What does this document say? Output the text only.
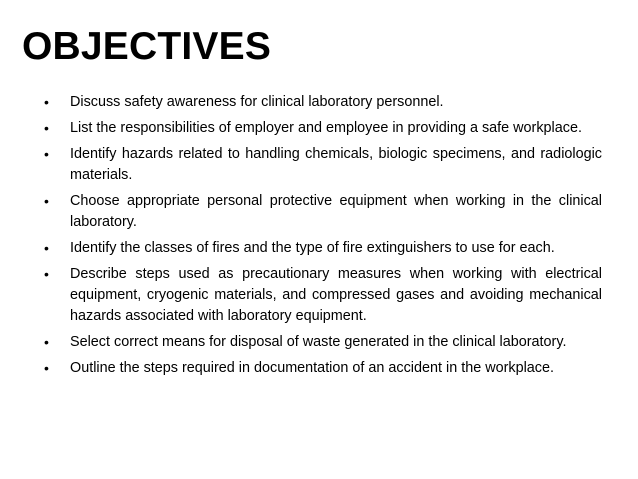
OBJECTIVES
•	Discuss safety awareness for clinical laboratory personnel.
•	List the responsibilities of employer and employee in providing a safe workplace.
•	Identify hazards related to handling chemicals, biologic specimens, and radiologic materials.
•	Choose appropriate personal protective equipment when working in the clinical laboratory.
•	Identify the classes of fires and the type of fire extinguishers to use for each.
•	Describe steps used as precautionary measures when working with electrical equipment, cryogenic materials, and compressed gases and avoiding mechanical hazards associated with laboratory equipment.
•	Select correct means for disposal of waste generated in the clinical laboratory.
•	Outline the steps required in documentation of an accident in the workplace.
